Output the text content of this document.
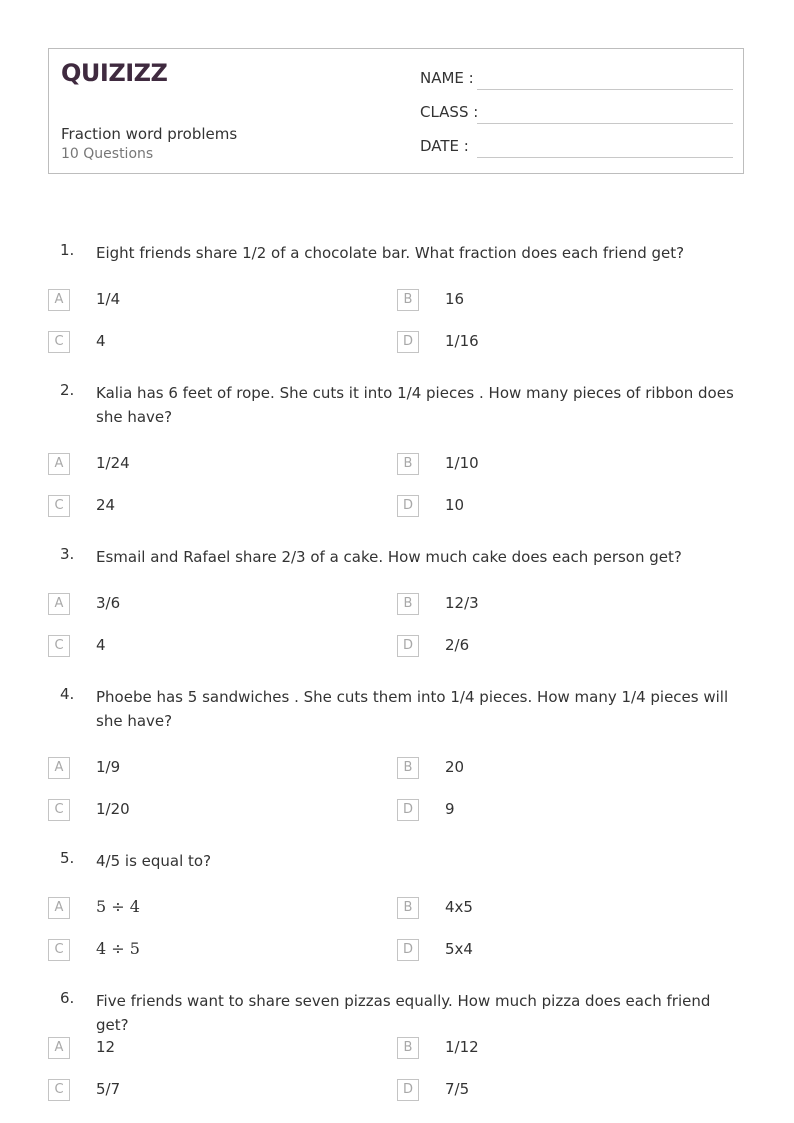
QUIZIZZ
Fraction word problems
10 Questions
NAME :
CLASS :
DATE :
1. Eight friends share 1/2 of a chocolate bar. What fraction does each friend get?
A	1/4	B	16
C	4	D	1/16
2. Kalia has 6 feet of rope. She cuts it into 1/4 pieces . How many pieces of ribbon does she have?
A	1/24	B	1/10
C	24	D	10
3. Esmail and Rafael share 2/3 of a cake. How much cake does each person get?
A	3/6	B	12/3
C	4	D	2/6
4. Phoebe has 5 sandwiches . She cuts them into 1/4 pieces. How many 1/4 pieces will she have?
A	1/9	B	20
C	1/20	D	9
5. 4/5 is equal to?
A	5 ÷ 4	B	4x5
C	4 ÷ 5	D	5x4
6. Five friends want to share seven pizzas equally. How much pizza does each friend get?
A	12	B	1/12
C	5/7	D	7/5
